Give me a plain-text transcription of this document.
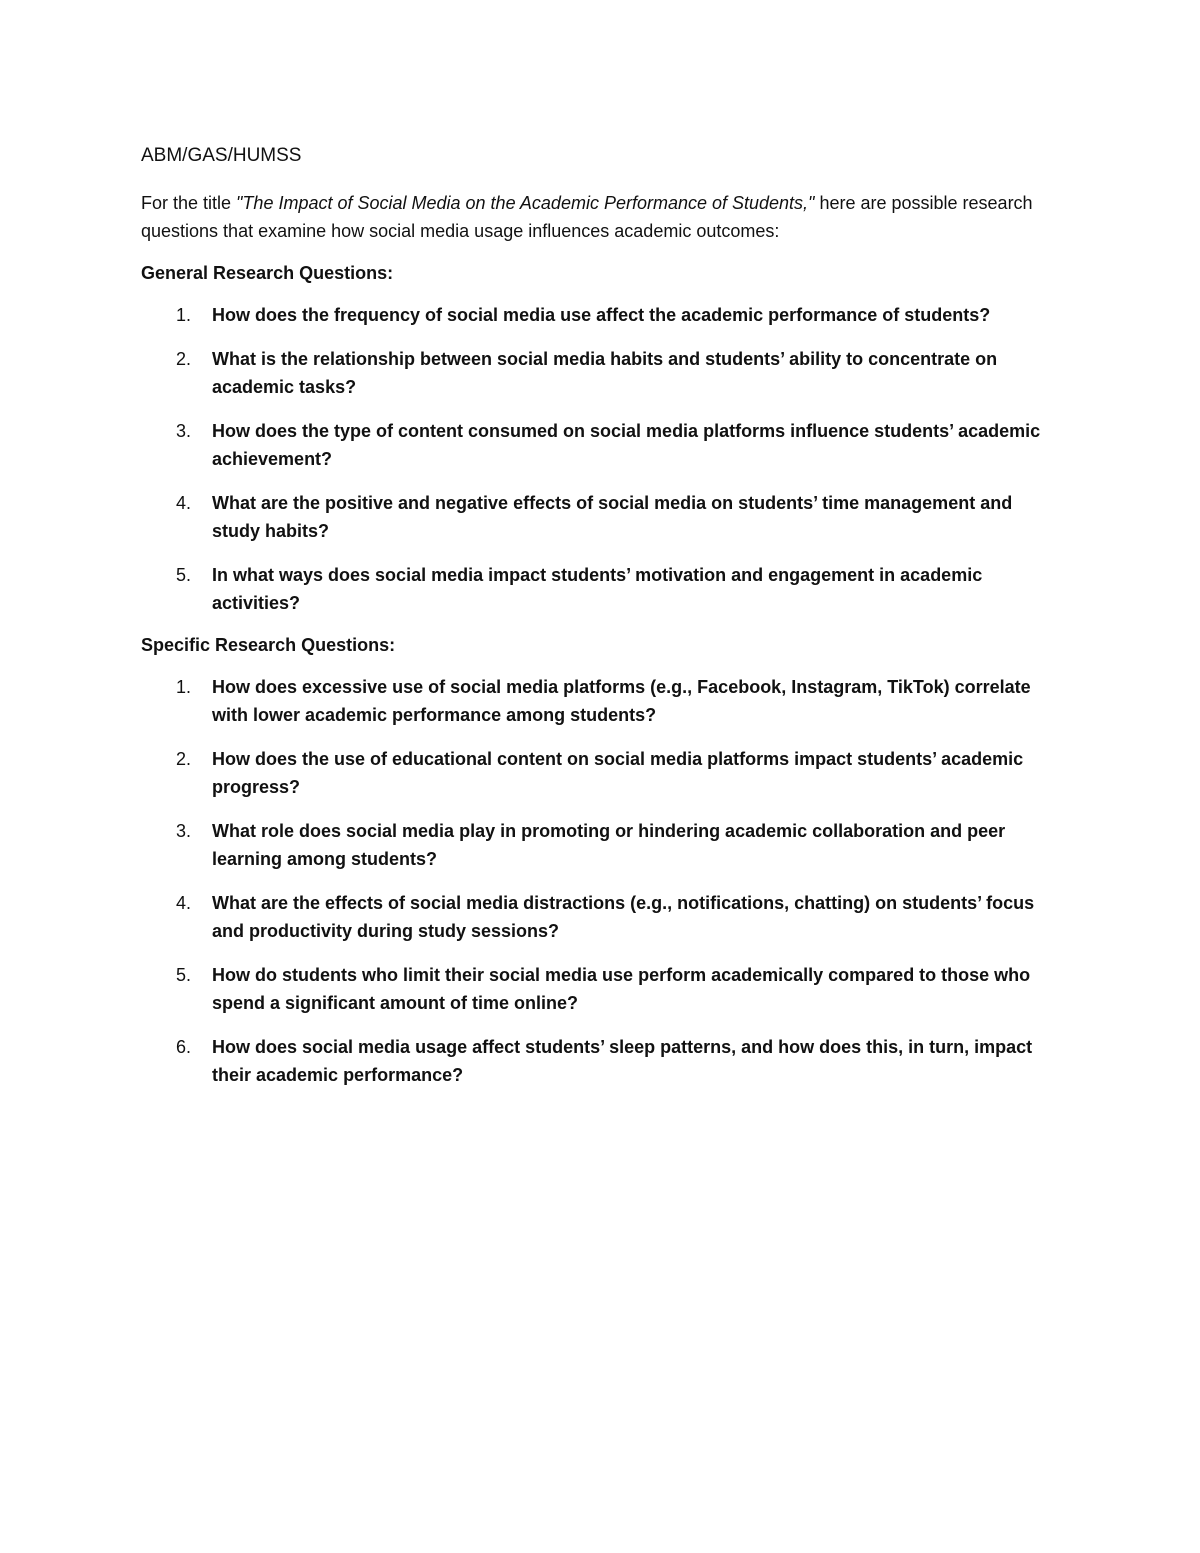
ABM/GAS/HUMSS

For the title "The Impact of Social Media on the Academic Performance of Students," here are possible research questions that examine how social media usage influences academic outcomes:

General Research Questions:
1. How does the frequency of social media use affect the academic performance of students?
2. What is the relationship between social media habits and students’ ability to concentrate on academic tasks?
3. How does the type of content consumed on social media platforms influence students’ academic achievement?
4. What are the positive and negative effects of social media on students’ time management and study habits?
5. In what ways does social media impact students’ motivation and engagement in academic activities?
Specific Research Questions:
1. How does excessive use of social media platforms (e.g., Facebook, Instagram, TikTok) correlate with lower academic performance among students?
2. How does the use of educational content on social media platforms impact students’ academic progress?
3. What role does social media play in promoting or hindering academic collaboration and peer learning among students?
4. What are the effects of social media distractions (e.g., notifications, chatting) on students’ focus and productivity during study sessions?
5. How do students who limit their social media use perform academically compared to those who spend a significant amount of time online?
6. How does social media usage affect students’ sleep patterns, and how does this, in turn, impact their academic performance?
